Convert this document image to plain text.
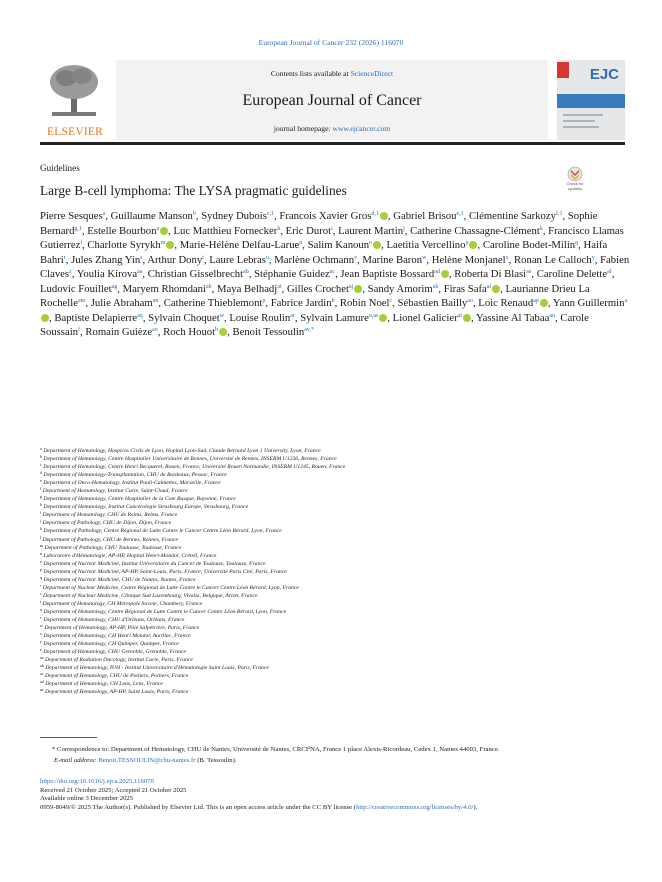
European Journal of Cancer 232 (2026) 116070
ELSEVIER
Contents lists available at ScienceDirect
European Journal of Cancer
journal homepage: www.ejcancer.com
EJC
Guidelines
Large B-cell lymphoma: The LYSA pragmatic guidelines	Check for updates
Pierre Sesques$^a$, Guillaume Manson$^b$, Sydney Dubois$^{c,1}$, Francois Xavier Gros$^{d,1}$ , Gabriel Brisou$^{e,1}$, Clémentine Sarkozy$^{f,1}$, Sophie Bernard$^{g,1}$, Estelle Bourbon$^a$ , Luc Matthieu Fornecker$^h$, Eric Durot$^i$, Laurent Martin$^j$, Catherine Chassagne-Clément$^k$, Francisco Llamas Gutierrez$^l$, Charlotte Syrykh$^m$ , Marie-Hélène Delfau-Larue$^n$, Salim Kanoun$^o$ , Laetitia Vercellino$^p$ , Caroline Bodet-Milin$^q$, Haifa Bahri$^r$, Jules Zhang Yin$^s$, Arthur Dony$^t$, Laure Lebras$^u$, Marlène Ochmann$^v$, Marine Baron$^w$, Helène Monjanel$^x$, Ronan Le Calloch$^y$, Fabien Claves$^z$, Youlia Kirova$^{aa}$, Christian Gisselbrecht$^{ab}$, Stéphanie Guidez$^{ac}$, Jean Baptiste Bossard$^{ad}$ , Roberta Di Blasi$^{ae}$, Caroline Delette$^{af}$, Ludovic Fouillet$^{ag}$, Maryem Rhomdani$^{ah}$, Maya Belhadj$^{ai}$, Gilles Crochet$^{aj}$ , Sandy Amorim$^{ak}$, Firas Safa$^{al}$ , Laurianne Drieu La Rochelle$^{am}$, Julie Abraham$^{an}$, Catherine Thieblemont$^p$, Fabrice Jardin$^h$, Robin Noel$^c$, Sébastien Bailly$^{ao}$, Loic Renaud$^{ap}$ , Yann Guillermin$^a$, Baptiste Delapierre$^{aq}$, Sylvain Choquet$^w$, Louise Roulin$^{ar}$, Sylvain Lamure$^{u,as}$ , Lionel Galicier$^{at}$ , Yassine Al Tabaa$^{au}$, Carole Soussain$^f$, Romain Guièze$^{ao}$, Roch Houot$^b$ , Benoit Tessoulin$^{av,*}$
$^a$ Department of Hematology, Hospices Civils de Lyon, Hopital Lyon-Sud, Claude Bernard Lyon 1 University, Lyon, France
$^b$ Department of Hematology, Centre Hospitalier Universitaire de Rennes, Université de Rennes, INSERM U1236, Rennes, France
$^c$ Department of Hematology, Centre Henri Becquerel, Rouen, France; Université Rouen Normandie, INSERM U1245, Rouen, France
$^d$ Department of Hematology-Transplantation, CHU de Bordeaux, Pessac, France
$^e$ Department of Onco-Hematology, Institut Paoli-Calmettes, Marseille, France
$^f$ Department of Hematology, Institut Curie, Saint-Cloud, France
$^g$ Department of Hematology, Centre Hospitalier de la Cote Basque, Bayonne, France
$^h$ Department of Hematology, Institut Cancérologie Strasbourg Europe, Strasbourg, France
$^i$ Department of Hematology, CHU de Reims, Reims, France
$^j$ Department of Pathology, CHU de Dijon, Dijon, France
$^k$ Department of Pathology, Centre Régional de Lutte Contre le Cancer Centre Léon Bérard, Lyon, France
$^l$ Department of Pathology, CHU de Rennes, Rennes, France
$^m$ Department of Pathology, CHU Toulouse, Toulouse, France
$^n$ Laboratoire d'Hématologie, AP-HP, Hopital Henri-Mondor, Créteil, France
$^o$ Department of Nuclear Medicine, Institut Universitaire du Cancer de Toulouse, Toulouse, France
$^p$ Department of Nuclear Medicine, AP-HP, Saint-Louis, Paris, France; Université Paris Cité, Paris, France
$^q$ Department of Nuclear Medicine, CHU de Nantes, Nantes, France
$^r$ Department of Nuclear Medicine, Centre Régional de Lutte Contre le Cancer Centre Léon Bérard, Lyon, France
$^s$ Department of Nuclear Medicine, Clinique Sud Luxembourg, Vivalia, Belgique, Arlon, France
$^t$ Department of Hematology, CH Métropole Savoie, Chambery, France
$^u$ Department of Hematology, Centre Régional de Lutte Contre le Cancer Centre Léon Bérard, Lyon, France
$^v$ Department of Hematology, CHU d'Orléans, Orléans, France
$^w$ Department of Hematology, AP-HP, Pitié Salpétrière, Paris, France
$^x$ Department of Hematology, CH Henri Mondor, Aurillac, France
$^y$ Department of Hematology, CH Quimper, Quimper, France
$^z$ Department of Hematology, CHU Grenoble, Grenoble, France
$^{aa}$ Department of Radiation Oncology, Institut Curie, Paris, France
$^{ab}$ Department of Hematology, IUH - Institut Universitaire d'Hématologie Saint Louis, Paris, France
$^{ac}$ Department of Hematology, CHU de Poitiers, Poitiers, France
$^{ad}$ Department of Hematology, CH Lens, Lens, France
$^{ae}$ Department of Hematology, AP-HP, Saint Louis, Paris, France
* Correspondence to: Department of Hematology, CHU de Nantes, Université de Nantes, CRCI²NA, France 1 place Alexis-Ricordeau, Cedex 1, Nantes 44093, France.
E-mail address: Benoit.TESSOULIN@chu-nantes.fr (B. Tessoulin).
https://doi.org/10.1016/j.ejca.2025.116070
Received 21 October 2025; Accepted 21 October 2025
Available online 3 December 2025
0959-8049/© 2025 The Author(s). Published by Elsevier Ltd. This is an open access article under the CC BY license (http://creativecommons.org/licenses/by/4.0/).
